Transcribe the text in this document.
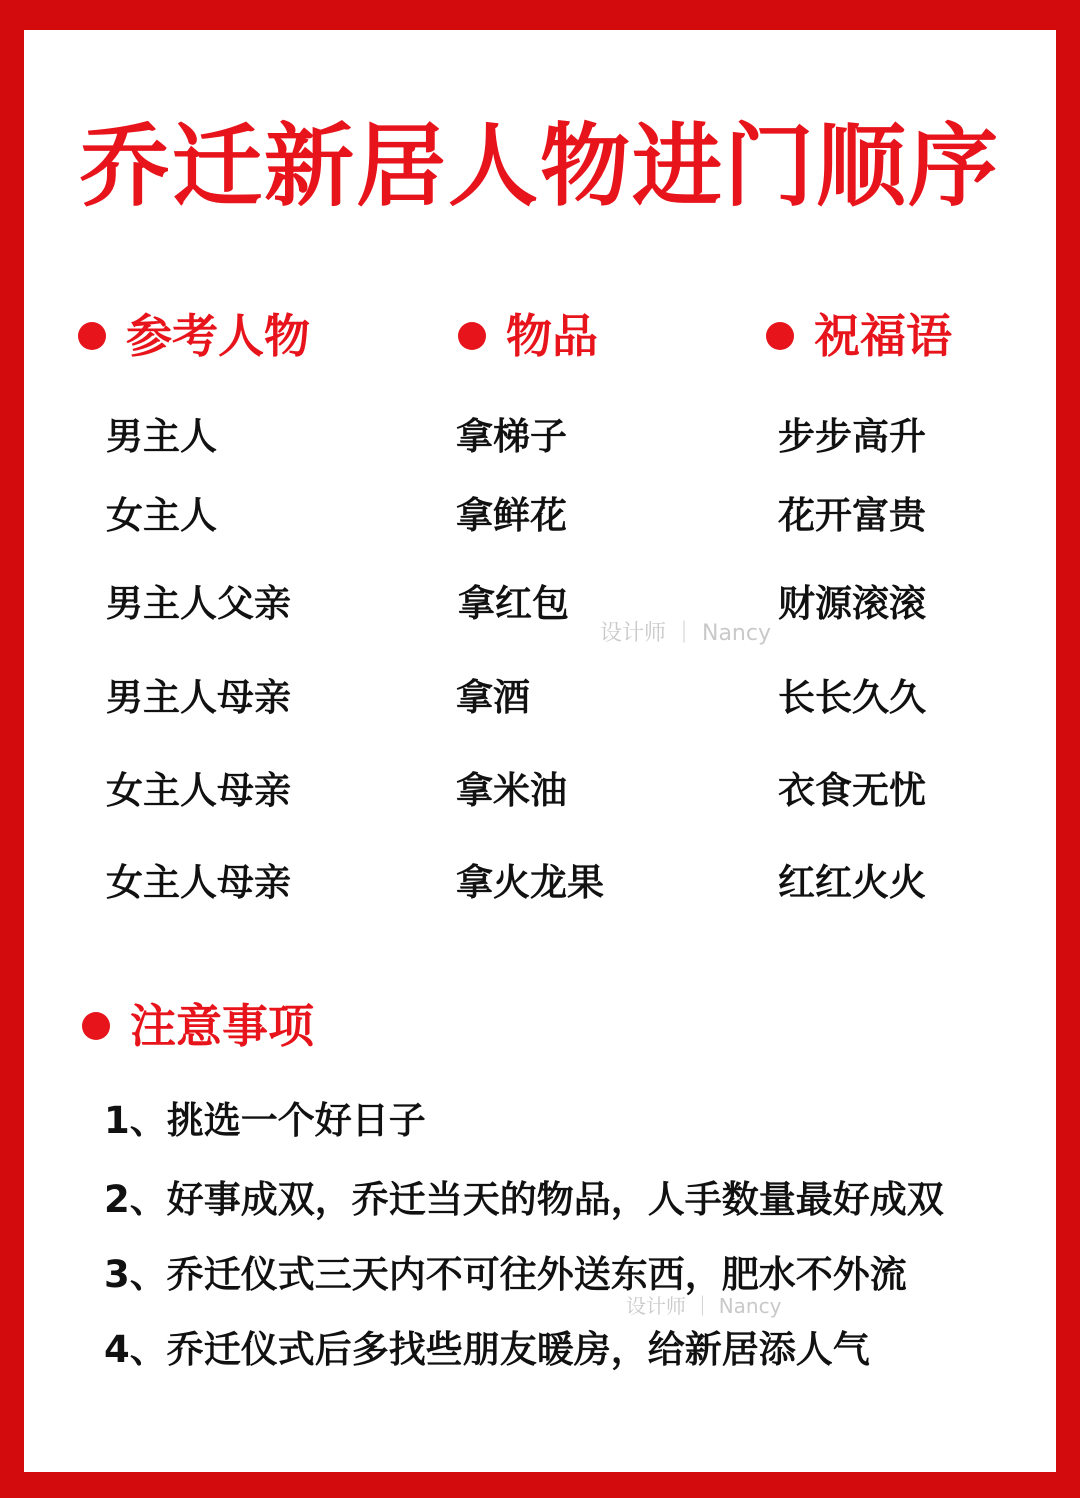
乔迁新居人物进门顺序
参考人物	物品	祝福语
男主人
女主人
男主人父亲
男主人母亲
女主人母亲
女主人母亲
拿梯子
拿鲜花
拿红包
拿酒
拿米油
拿火龙果
步步高升
花开富贵
财源滚滚
长长久久
衣食无忧
红红火火
注意事项
1、挑选一个好日子
2、好事成双，乔迁当天的物品，人手数量最好成双
3、乔迁仪式三天内不可往外送东西，肥水不外流
4、乔迁仪式后多找些朋友暖房，给新居添人气
设计师 ｜ Nancy
设计师 ｜ Nancy
